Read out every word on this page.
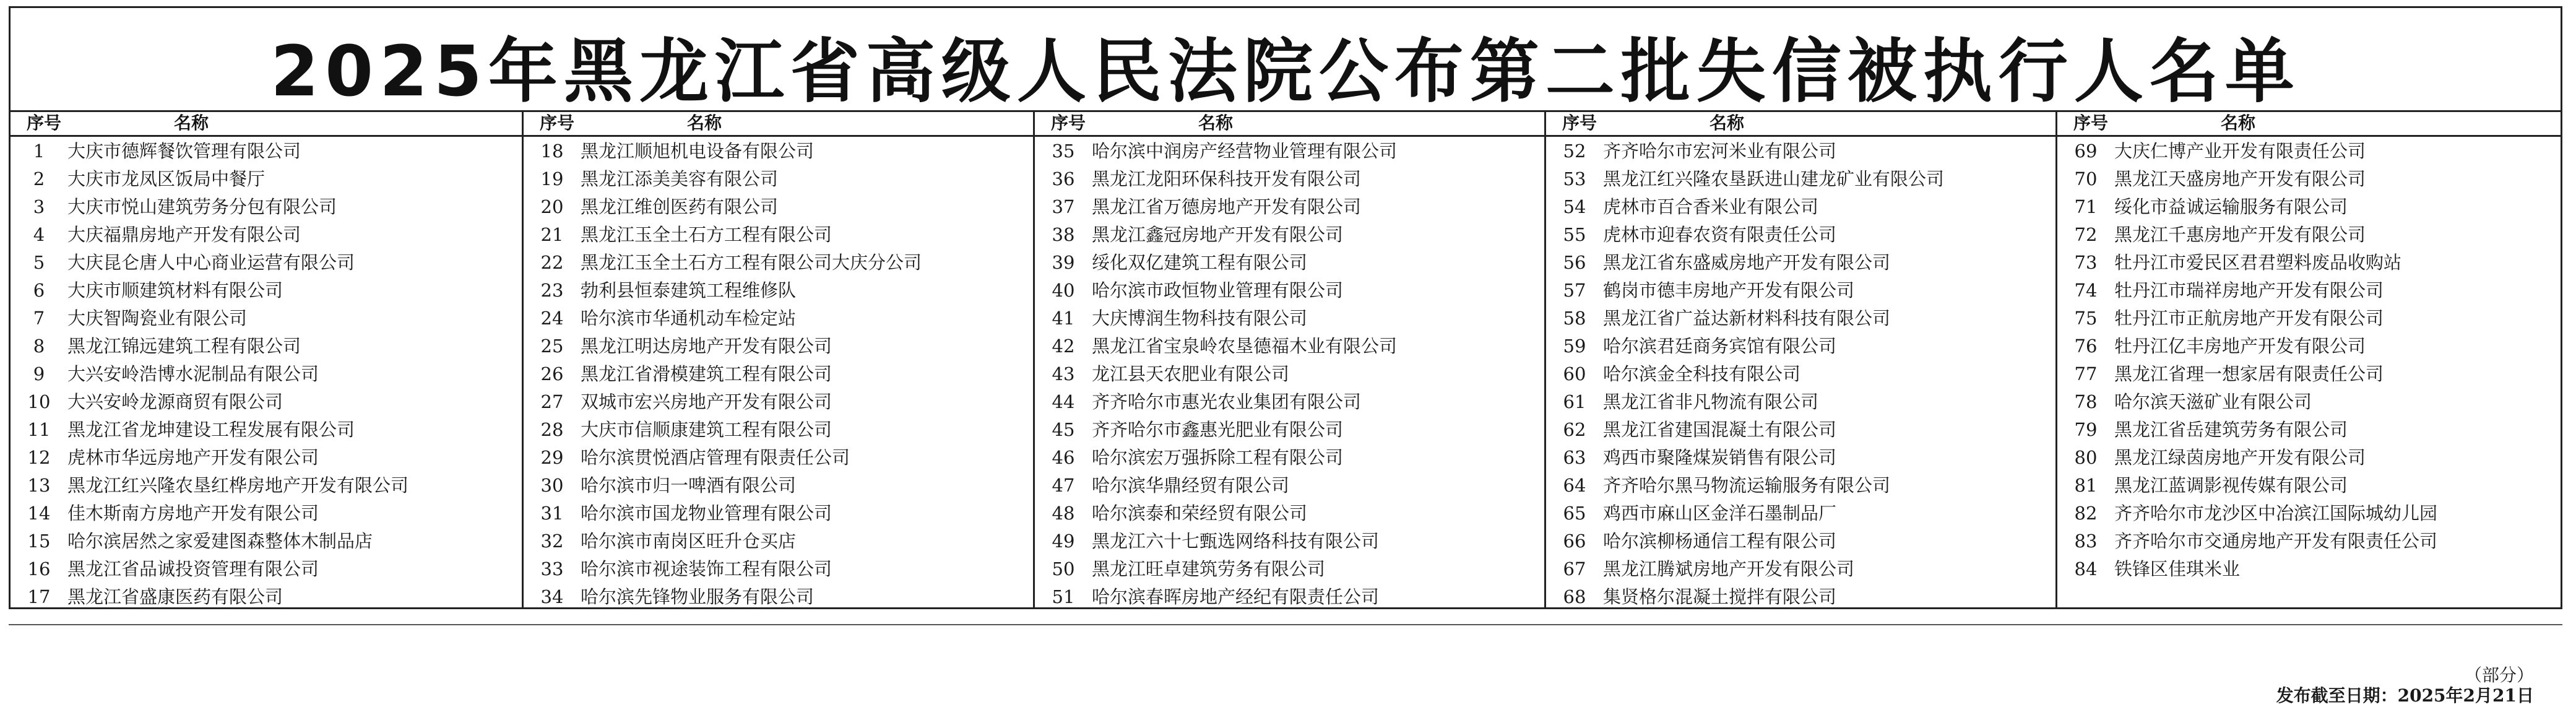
2025年黑龙江省高级人民法院公布第二批失信被执行人名单
序号	名称
1	大庆市德辉餐饮管理有限公司
2	大庆市龙凤区饭局中餐厅
3	大庆市悦山建筑劳务分包有限公司
4	大庆福鼎房地产开发有限公司
5	大庆昆仑唐人中心商业运营有限公司
6	大庆市顺建筑材料有限公司
7	大庆智陶瓷业有限公司
8	黑龙江锦远建筑工程有限公司
9	大兴安岭浩博水泥制品有限公司
10 大兴安岭龙源商贸有限公司
11 黑龙江省龙坤建设工程发展有限公司
12 虎林市华远房地产开发有限公司
13 黑龙江红兴隆农垦红桦房地产开发有限公司
14 佳木斯南方房地产开发有限公司
15 哈尔滨居然之家爱建图森整体木制品店
16 黑龙江省品诚投资管理有限公司
17 黑龙江省盛康医药有限公司
序号	名称
18 黑龙江顺旭机电设备有限公司
19 黑龙江添美美容有限公司
20 黑龙江维创医药有限公司
21 黑龙江玉全土石方工程有限公司
22 黑龙江玉全土石方工程有限公司大庆分公司
23 勃利县恒泰建筑工程维修队
24 哈尔滨市华通机动车检定站
25 黑龙江明达房地产开发有限公司
26 黑龙江省滑模建筑工程有限公司
27 双城市宏兴房地产开发有限公司
28 大庆市信顺康建筑工程有限公司
29 哈尔滨贯悦酒店管理有限责任公司
30 哈尔滨市归一啤酒有限公司
31 哈尔滨市国龙物业管理有限公司
32 哈尔滨市南岗区旺升仓买店
33 哈尔滨市视途装饰工程有限公司
34 哈尔滨先锋物业服务有限公司
序号	名称
35 哈尔滨中润房产经营物业管理有限公司
36 黑龙江龙阳环保科技开发有限公司
37 黑龙江省万德房地产开发有限公司
38 黑龙江鑫冠房地产开发有限公司
39 绥化双亿建筑工程有限公司
40 哈尔滨市政恒物业管理有限公司
41 大庆博润生物科技有限公司
42 黑龙江省宝泉岭农垦德福木业有限公司
43 龙江县天农肥业有限公司
44 齐齐哈尔市惠光农业集团有限公司
45 齐齐哈尔市鑫惠光肥业有限公司
46 哈尔滨宏万强拆除工程有限公司
47 哈尔滨华鼎经贸有限公司
48 哈尔滨泰和荣经贸有限公司
49 黑龙江六十七甄选网络科技有限公司
50 黑龙江旺卓建筑劳务有限公司
51 哈尔滨春晖房地产经纪有限责任公司
序号	名称
52 齐齐哈尔市宏河米业有限公司
53 黑龙江红兴隆农垦跃进山建龙矿业有限公司
54 虎林市百合香米业有限公司
55 虎林市迎春农资有限责任公司
56 黑龙江省东盛威房地产开发有限公司
57 鹤岗市德丰房地产开发有限公司
58 黑龙江省广益达新材料科技有限公司
59 哈尔滨君廷商务宾馆有限公司
60 哈尔滨金全科技有限公司
61 黑龙江省非凡物流有限公司
62 黑龙江省建国混凝土有限公司
63 鸡西市聚隆煤炭销售有限公司
64 齐齐哈尔黑马物流运输服务有限公司
65 鸡西市麻山区金洋石墨制品厂
66 哈尔滨柳杨通信工程有限公司
67 黑龙江腾斌房地产开发有限公司
68 集贤格尔混凝土搅拌有限公司
序号	名称
69 大庆仁博产业开发有限责任公司
70 黑龙江天盛房地产开发有限公司
71 绥化市益诚运输服务有限公司
72 黑龙江千惠房地产开发有限公司
73 牡丹江市爱民区君君塑料废品收购站
74 牡丹江市瑞祥房地产开发有限公司
75 牡丹江市正航房地产开发有限公司
76 牡丹江亿丰房地产开发有限公司
77 黑龙江省理一想家居有限责任公司
78 哈尔滨天滋矿业有限公司
79 黑龙江省岳建筑劳务有限公司
80 黑龙江绿茵房地产开发有限公司
81 黑龙江蓝调影视传媒有限公司
82 齐齐哈尔市龙沙区中冶滨江国际城幼儿园
83 齐齐哈尔市交通房地产开发有限责任公司
84 铁锋区佳琪米业
（部分）
发布截至日期：2025年2月21日
